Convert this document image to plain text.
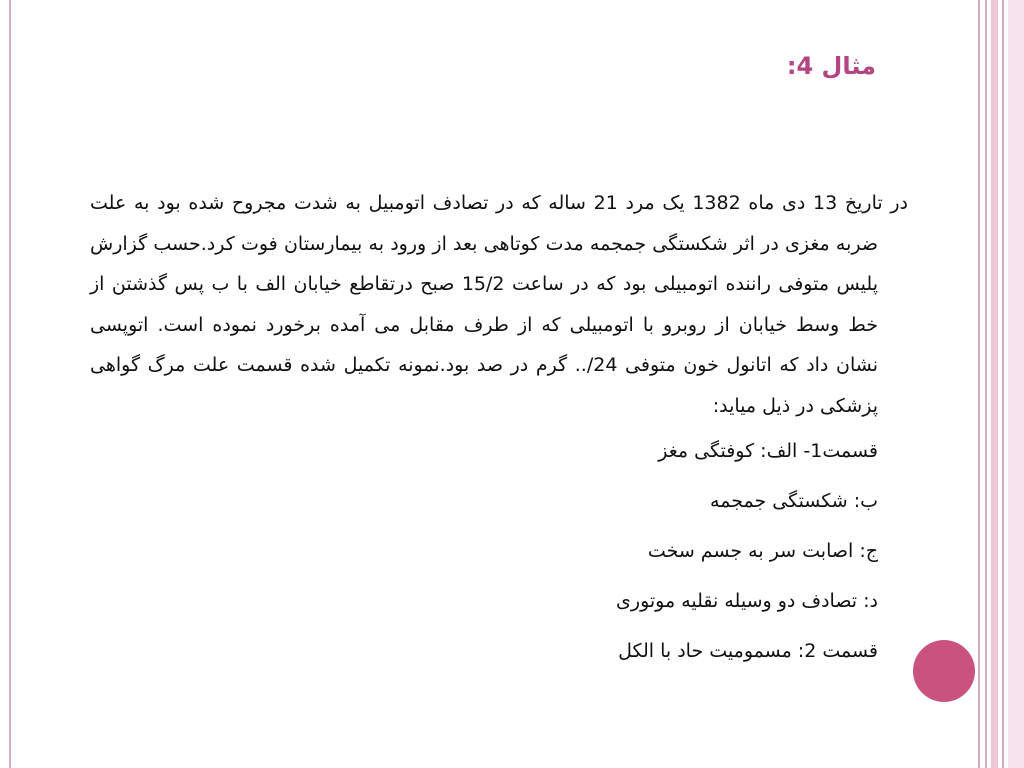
مثال 4:

در تاریخ 13 دی ماه 1382 یک مرد 21 ساله که در تصادف اتومبیل به شدت مجروح شده بود به علت ضربه مغزی در اثر شکستگی جمجمه مدت کوتاهی بعد از ورود به بیمارستان فوت کرد.حسب گزارش پلیس متوفی راننده اتومبیلی بود که در ساعت 15/2 صبح درتقاطع خیابان الف با ب پس گذشتن از خط وسط خیابان از روبرو با اتومبیلی که از طرف مقابل می آمده برخورد نموده است. اتوپسی نشان داد که اتانول خون متوفی 24/.. گرم در صد بود.نمونه تکمیل شده قسمت علت مرگ گواهی پزشکی در ذیل میاید:

قسمت1- الف: کوفتگی مغز

ب: شکستگی جمجمه

ج: اصابت سر به جسم سخت

د: تصادف دو وسیله نقلیه موتوری

قسمت 2: مسمومیت حاد با الکل
